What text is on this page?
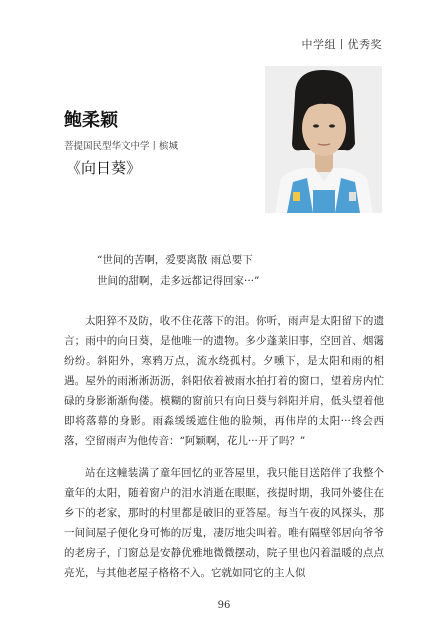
中学组丨优秀奖
鲍柔颖
菩提国民型华文中学丨槟城
《向日葵》
“世间的苦啊，爱要离散 雨总要下
世间的甜啊，走多远都记得回家···”

太阳猝不及防，收不住花落下的泪。你听，雨声是太阳留下的遗言；雨中的向日葵，是他唯一的遗物。多少蓬莱旧事，空回首、烟霭纷纷。斜阳外，寒鸦万点，流水绕孤村。夕曛下，是太阳和雨的相遇。屋外的雨淅淅沥沥，斜阳依着被雨水拍打着的窗口，望着房内忙碌的身影渐渐佝偻。模糊的窗前只有向日葵与斜阳并肩，低头望着他即将落幕的身影。雨淼缓缓遮住他的脸频，再伟岸的太阳···终会西落，空留雨声为他传音：“阿颖啊，花儿···开了吗？”

站在这幢装满了童年回忆的亚答屋里，我只能目送陪伴了我整个童年的太阳，随着窗户的泪水消逝在眼眶，孩提时期，我同外婆住在乡下的老家，那时的村里都是破旧的亚答屋。每当午夜的风探头，那一间间屋子便化身可怖的厉鬼，凄厉地尖叫着。唯有隔壁邻居向爷爷的老房子，门窗总是安静优雅地微微摆动，院子里也闪着温暖的点点亮光，与其他老屋子格格不入。它就如同它的主人似

96
